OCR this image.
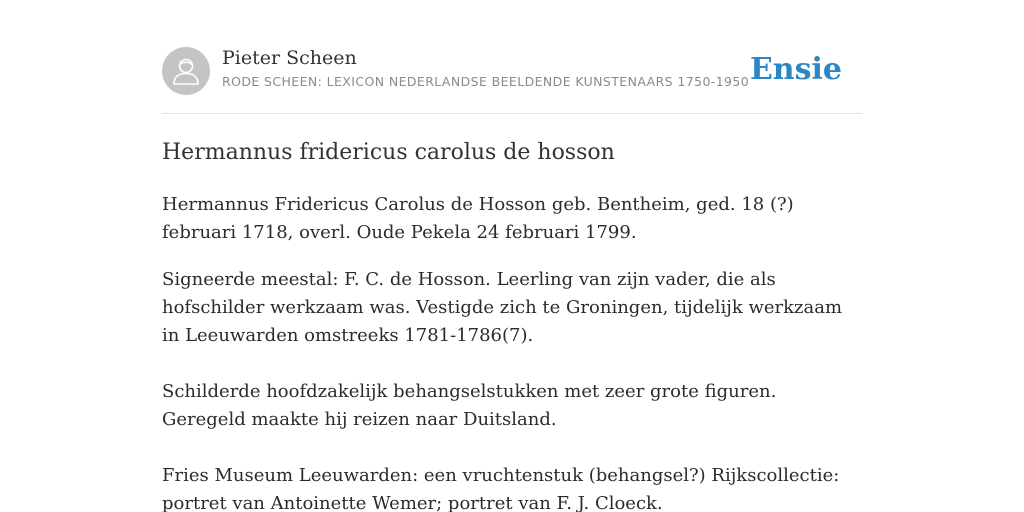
Pieter Scheen
RODE SCHEEN: LEXICON NEDERLANDSE BEELDENDE KUNSTENAARS 1750-1950 Ensie
Hermannus fridericus carolus de hosson

Hermannus Fridericus Carolus de Hosson geb. Bentheim, ged. 18 (?) februari 1718, overl. Oude Pekela 24 februari 1799.

Signeerde meestal: F. C. de Hosson. Leerling van zijn vader, die als hofschilder werkzaam was. Vestigde zich te Groningen, tijdelijk werkzaam in Leeuwarden omstreeks 1781-1786(7).

Schilderde hoofdzakelijk behangselstukken met zeer grote figuren. Geregeld maakte hij reizen naar Duitsland.

Fries Museum Leeuwarden: een vruchtenstuk (behangsel?) Rijkscollectie: portret van Antoinette Wemer; portret van F. J. Cloeck.
